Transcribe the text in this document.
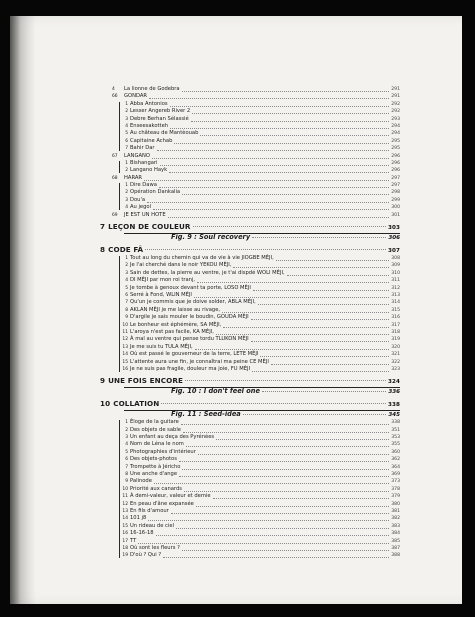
4	La lionne de Godebra	291
66	GONDAR	291
1 Abba Antonios	292
2 Lesser Angereb River 2	292
3 Debre Berhan Sélassié	293
4 Enseesakotteh	294
5 Au château de Mantèouab	294
6 Capitaine Achab	295
7 Bahir Dar	295
67	LANGANO	296
1 Bishangari	296
2 Langano Hayk	296
68	HARAR	297
1 Dire Dawa	297
2 Opération Dankalia	298
3 Dou'a	299
4 Au jegol	300
69	JE EST UN HOTE	301
7 LEÇON DE COULEUR	303
Fig. 9 : Soul recovery	306
8 CODE FÂ	307
1 Tout au long du chemin qui va de vie à vie JIOGBE MÈJI,	308
2 Je l'ai cherché dans le noir YEKOU MÈJI,	309
3 Sain de dettes, la pierre au ventre, je t'ai dispdé WOLI MÈJI,	310
4 DI MÈJI par mon roi tranj,	311
5 Je tombe à genoux devant ta porte, LOSO MÈJI	312
6 Serré à Fond, WLIN MÈJI	313
7 Qu'un je commis que je doive solder, ABLA MÈJI,	314
8 AKLAN MÈJI je me laisse au rivage,	315
9 D'argile je sais mouler le boudin, GOUDA MÈJI	316
10 Le bonheur est éphémère, SA MÈJI,	317
11 L'aroya n'est pas facile, KA MÈJI,	318
12 À mal au ventre qui pense tordu TLUKON MÈJI	319
13 Je me suis tu TULA MÈJI,	320
14 Où est passé le gouverneur de la terre, LETE MÈJI	321
15 L'attente aura une fin, je connaîtrai ma peine CE MÈJI	322
16 Je ne suis pas fragile, douleur ma joie, FU MÈJI	323
9 UNE FOIS ENCORE	324
Fig. 10 : I don't feel one	336
10 COLLATION	338
Fig. 11 : Seed-idea	345
1 Éloge de la guitare	338
2 Des objets de sable	351
3 Un enfant au deça des Pyrénées	353
4 Nom de Léna le nom	355
5 Photographies d'intérieur	360
6 Des objets-photos	362
7 Trompette à Jéricho	364
8 Une anche d'ange	369
9 Palinode	373
10 Priorité aux canards	378
11 À demi-valeur, valeur et demie	379
12 En peau d'âne expansée	380
13 En fils d'amour	381
14 101 j8	382
15 Un rideau de ciel	383
16 16-16-18	384
17 TT	385
18 Où sont les fleurs ?	387
19 D'où ? Qui ?	388
